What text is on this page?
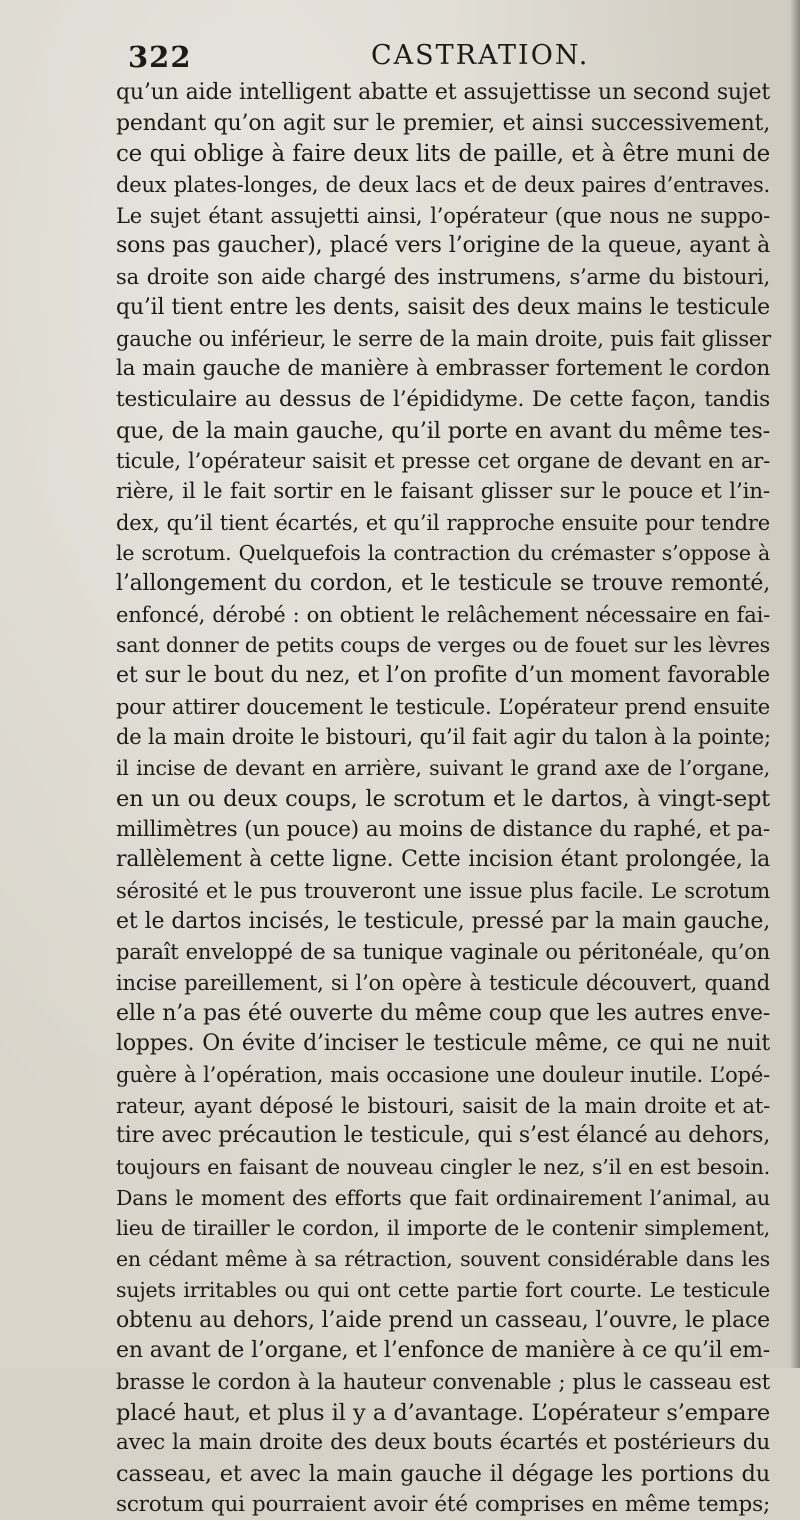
322	CASTRATION.
qu’un aide intelligent abatte et assujettisse un second sujet
pendant qu’on agit sur le premier, et ainsi successivement,
ce qui oblige à faire deux lits de paille, et à être muni de
deux plates-longes, de deux lacs et de deux paires d’entraves.
Le sujet étant assujetti ainsi, l’opérateur (que nous ne suppo-
sons pas gaucher), placé vers l’origine de la queue, ayant à
sa droite son aide chargé des instrumens, s’arme du bistouri,
qu’il tient entre les dents, saisit des deux mains le testicule
gauche ou inférieur, le serre de la main droite, puis fait glisser
la main gauche de manière à embrasser fortement le cordon
testiculaire au dessus de l’épididyme. De cette façon, tandis
que, de la main gauche, qu’il porte en avant du même tes-
ticule, l’opérateur saisit et presse cet organe de devant en ar-
rière, il le fait sortir en le faisant glisser sur le pouce et l’in-
dex, qu’il tient écartés, et qu’il rapproche ensuite pour tendre
le scrotum. Quelquefois la contraction du crémaster s’oppose à
l’allongement du cordon, et le testicule se trouve remonté,
enfoncé, dérobé : on obtient le relâchement nécessaire en fai-
sant donner de petits coups de verges ou de fouet sur les lèvres
et sur le bout du nez, et l’on profite d’un moment favorable
pour attirer doucement le testicule. L’opérateur prend ensuite
de la main droite le bistouri, qu’il fait agir du talon à la pointe;
il incise de devant en arrière, suivant le grand axe de l’organe,
en un ou deux coups, le scrotum et le dartos, à vingt-sept
millimètres (un pouce) au moins de distance du raphé, et pa-
rallèlement à cette ligne. Cette incision étant prolongée, la
sérosité et le pus trouveront une issue plus facile. Le scrotum
et le dartos incisés, le testicule, pressé par la main gauche,
paraît enveloppé de sa tunique vaginale ou péritonéale, qu’on
incise pareillement, si l’on opère à testicule découvert, quand
elle n’a pas été ouverte du même coup que les autres enve-
loppes. On évite d’inciser le testicule même, ce qui ne nuit
guère à l’opération, mais occasione une douleur inutile. L’opé-
rateur, ayant déposé le bistouri, saisit de la main droite et at-
tire avec précaution le testicule, qui s’est élancé au dehors,
toujours en faisant de nouveau cingler le nez, s’il en est besoin.
Dans le moment des efforts que fait ordinairement l’animal, au
lieu de tirailler le cordon, il importe de le contenir simplement,
en cédant même à sa rétraction, souvent considérable dans les
sujets irritables ou qui ont cette partie fort courte. Le testicule
obtenu au dehors, l’aide prend un casseau, l’ouvre, le place
en avant de l’organe, et l’enfonce de manière à ce qu’il em-
brasse le cordon à la hauteur convenable ; plus le casseau est
placé haut, et plus il y a d’avantage. L’opérateur s’empare
avec la main droite des deux bouts écartés et postérieurs du
casseau, et avec la main gauche il dégage les portions du
scrotum qui pourraient avoir été comprises en même temps;
